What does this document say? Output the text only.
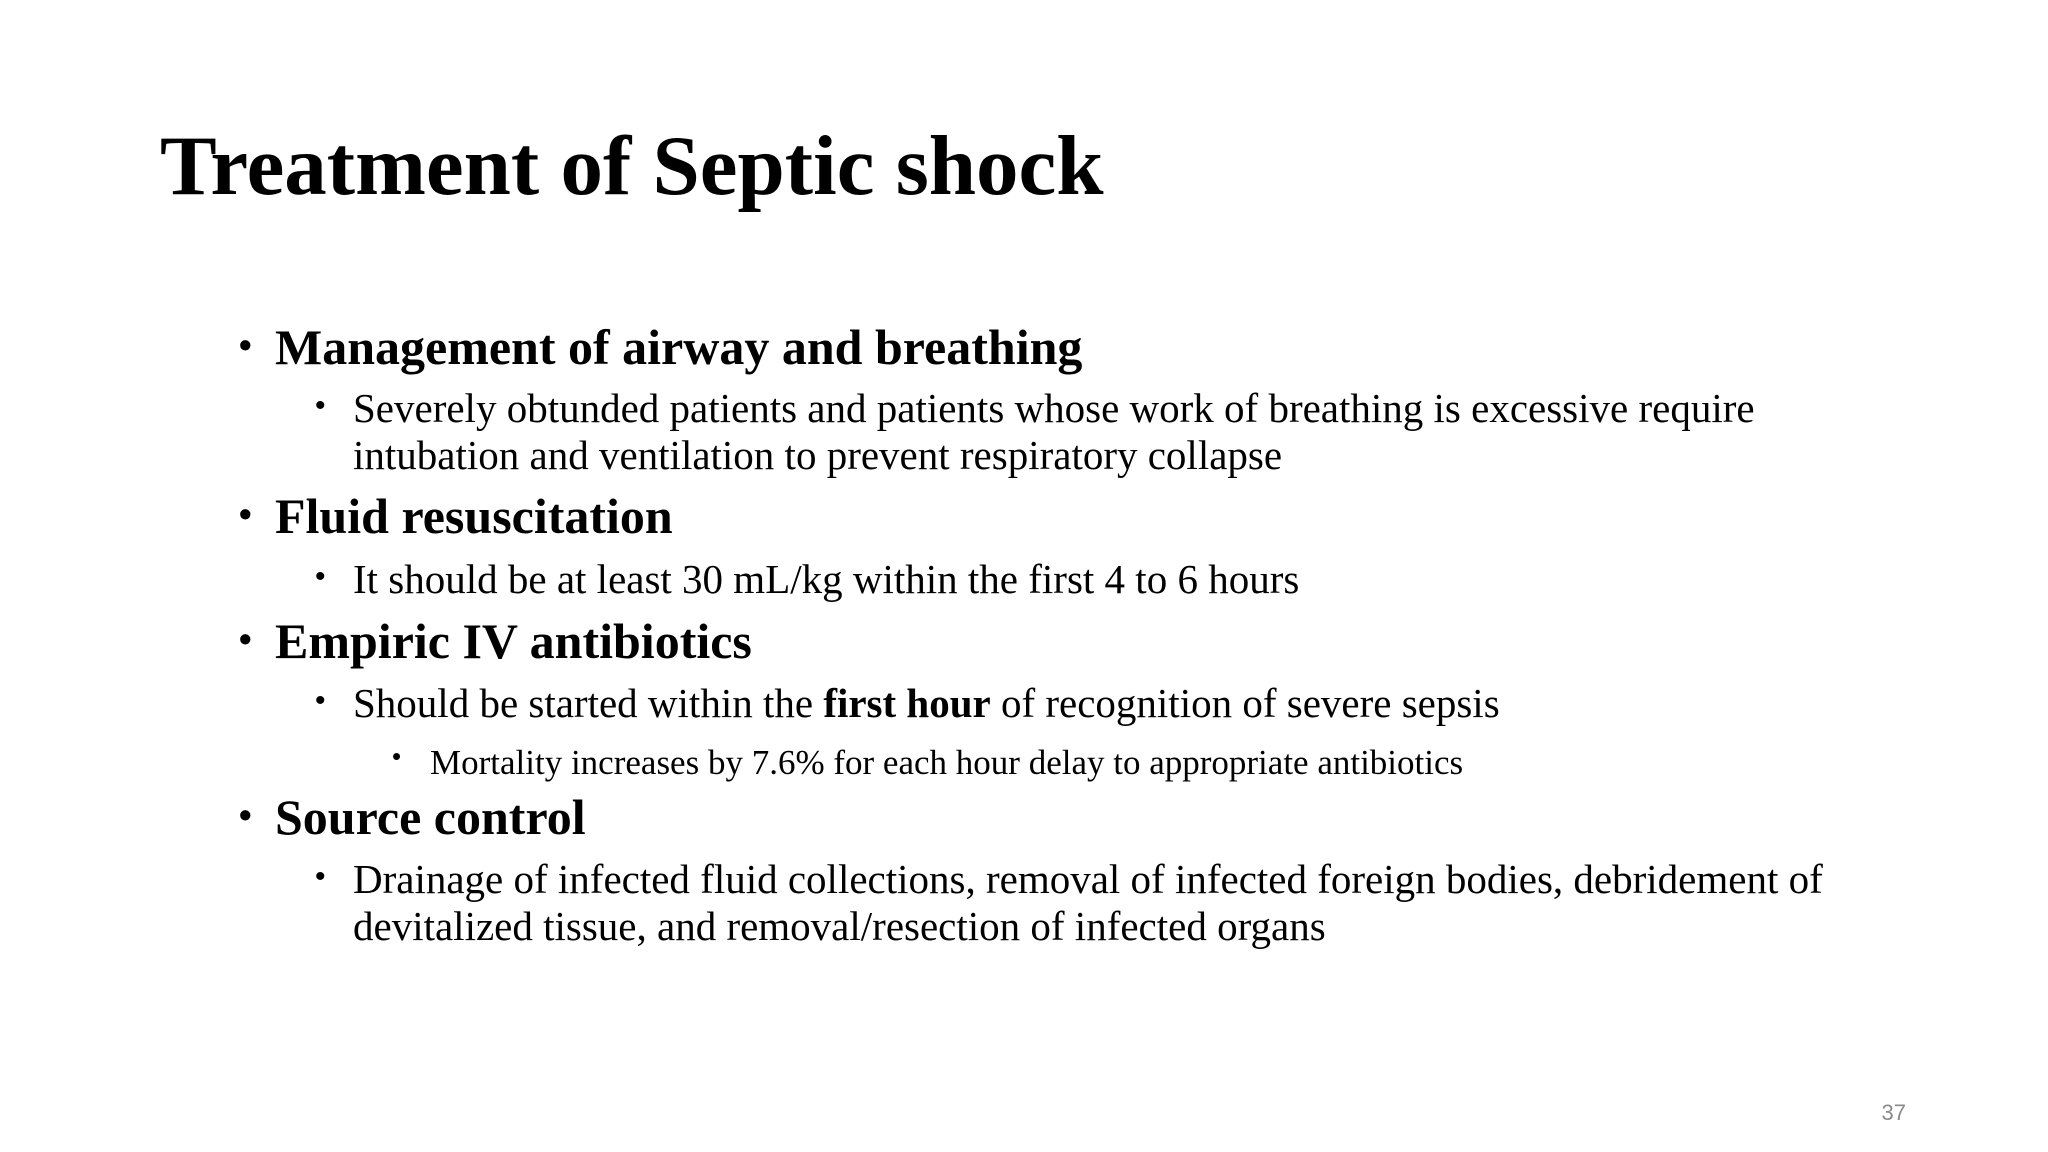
Treatment of Septic shock
• Management of airway and breathing
• Severely obtunded patients and patients whose work of breathing is excessive require
intubation and ventilation to prevent respiratory collapse
• Fluid resuscitation
• It should be at least 30 mL/kg within the first 4 to 6 hours
• Empiric IV antibiotics
• Should be started within the first hour of recognition of severe sepsis
• Mortality increases by 7.6% for each hour delay to appropriate antibiotics
• Source control
• Drainage of infected fluid collections, removal of infected foreign bodies, debridement of
devitalized tissue, and removal/resection of infected organs
37
